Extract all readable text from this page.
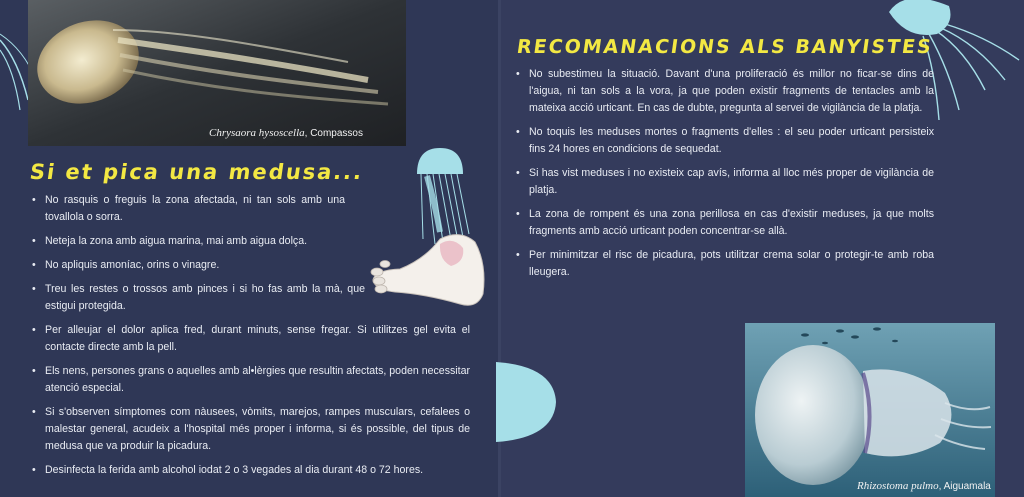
Chrysaora hysoscella, Compassos
Si et pica una medusa...
• No rasquis o freguis la zona afectada, ni tan sols amb una tovallola o sorra.
• Neteja la zona amb aigua marina, mai amb aigua dolça.
• No apliquis amoníac, orins o vinagre.
• Treu les restes o trossos amb pinces i si ho fas amb la mà, que estigui protegida.
• Per alleujar el dolor aplica fred, durant minuts, sense fregar. Si utilitzes gel evita el contacte directe amb la pell.
• Els nens, persones grans o aquelles amb al•lèrgies que resultin afectats, poden necessitar atenció especial.
• Si s'observen símptomes com nàusees, vòmits, marejos, rampes musculars, cefalees o malestar general, acudeix a l'hospital més proper i informa, si és possible, del tipus de medusa que va produir la picadura.
• Desinfecta la ferida amb alcohol iodat 2 o 3 vegades al dia durant 48 o 72 hores.
RECOMANACIONS ALS BANYISTES
• No subestimeu la situació. Davant d'una proliferació és millor no ficar-se dins de l'aigua, ni tan sols a la vora, ja que poden existir fragments de tentacles amb la mateixa acció urticant. En cas de dubte, pregunta al servei de vigilància de la platja.
• No toquis les meduses mortes o fragments d'elles : el seu poder urticant persisteix fins 24 hores en condicions de sequedat.
• Si has vist meduses i no existeix cap avís, informa al lloc més proper de vigilància de platja.
• La zona de rompent és una zona perillosa en cas d'existir meduses, ja que molts fragments amb acció urticant poden concentrar-se allà.
• Per minimitzar el risc de picadura, pots utilitzar crema solar o protegir-te amb roba lleugera.
Rhizostoma pulmo, Aiguamala
